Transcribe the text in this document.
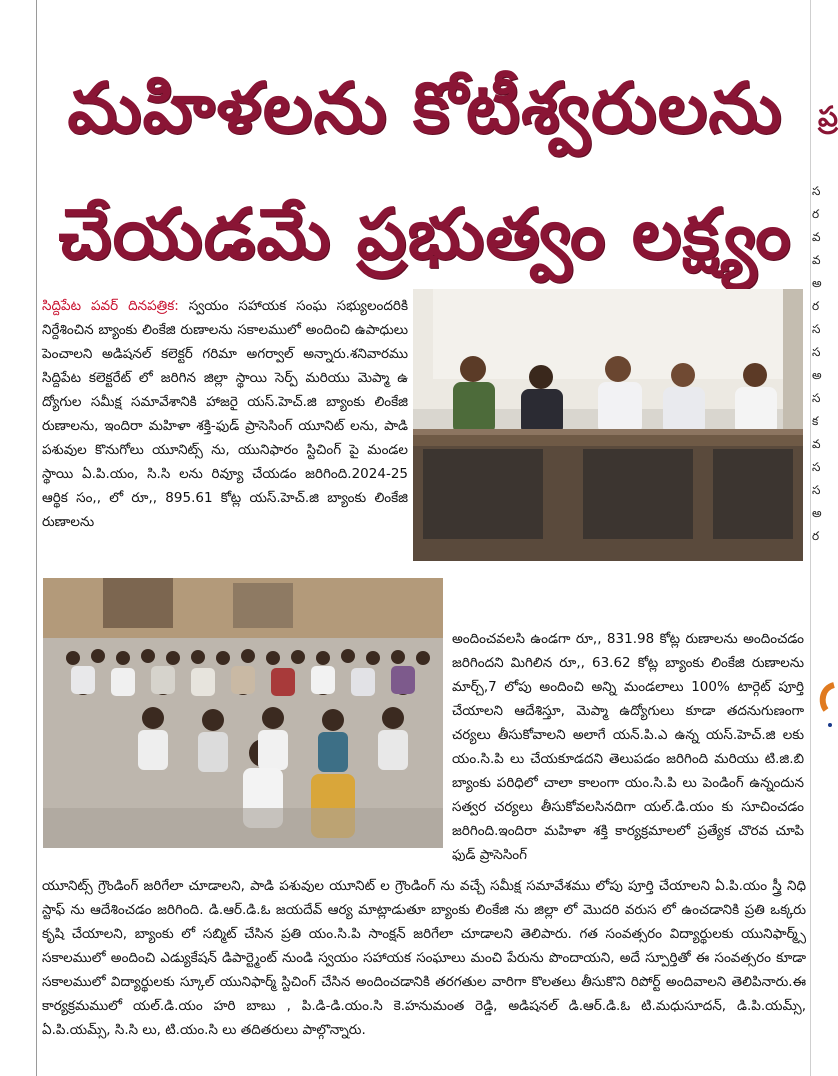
మహిళలను కోటీశ్వరులను
చేయడమే ప్రభుత్వం లక్ష్యం
సిద్దిపేట పవర్ దినపత్రిక: స్వయం సహాయక సంఘ సభ్యులందరికి నిర్దేశించిన బ్యాంకు లింకేజి రుణాలను సకాలములో అందించి ఉపాధులు పెంచాలని అడిషనల్ కలెక్టర్ గరిమా అగర్వాల్ అన్నారు.శనివారము సిద్దిపేట కలెక్టరేట్ లో జరిగిన జిల్లా స్థాయి సెర్ప్ మరియు మెప్మా ఉ ద్యోగుల సమీక్ష సమావేశానికి హాజరై యస్.హెచ్.జి బ్యాంకు లింకేజి రుణాలను, ఇందిరా మహిళా శక్తి-ఫుడ్ ప్రాసెసింగ్ యూనిట్ లను, పాడి పశువుల కొనుగోలు యూనిట్స్ ను, యునిఫారం స్టిచింగ్ పై మండల స్థాయి ఏ.పి.యం, సి.సి లను రివ్యూ చేయడం జరిగింది.2024-25 ఆర్థిక సం,, లో రూ,, 895.61 కోట్ల యస్.హెచ్.జి బ్యాంకు లింకేజి రుణాలను
అందించవలసి ఉండగా రూ,, 831.98 కోట్ల రుణాలను అందించడం జరిగిందని మిగిలిన రూ,, 63.62 కోట్ల బ్యాంకు లింకేజి రుణాలను మార్చ్,7 లోపు అందించి అన్ని మండలాలు 100% టార్గెట్ పూర్తి చేయాలని ఆదేశిస్తూ, మెప్మా ఉద్యోగులు కూడా తదనుగుణంగా చర్యలు తీసుకోవాలని అలాగే యన్.పి.ఎ ఉన్న యస్.హెచ్.జి లకు యం.సి.పి లు చేయకూడదని తెలుపడం జరిగింది మరియు టి.జి.బి బ్యాంకు పరిధిలో చాలా కాలంగా యం.సి.పి లు పెండింగ్ ఉన్నందున సత్వర చర్యలు తీసుకోవలసినదిగా యల్.డి.యం కు సూచించడం జరిగింది.ఇందిరా మహిళా శక్తి కార్యక్రమాలలో ప్రత్యేక చొరవ చూపి ఫుడ్ ప్రాసెసింగ్
యూనిట్స్ గ్రౌండింగ్ జరిగేలా చూడాలని, పాడి పశువుల యూనిట్ ల గ్రౌండింగ్ ను వచ్చే సమీక్ష సమావేశము లోపు పూర్తి చేయాలని ఏ.పి.యం స్త్రీ నిధి స్టాఫ్ ను ఆదేశించడం జరిగింది. డి.ఆర్.డి.ఓ జయదేవ్ ఆర్య మాట్లాడుతూ బ్యాంకు లింకేజి ను జిల్లా లో మొదరి వరుస లో ఉంచడానికి ప్రతి ఒక్కరు కృషి చేయాలని, బ్యాంకు లో సబ్మిట్ చేసిన ప్రతి యం.సి.పి సాంక్షన్ జరిగేలా చూడాలని తెలిపారు. గత సంవత్సరం విద్యార్థులకు యునిఫార్మ్స్ సకాలములో అందించి ఎడ్యుకేషన్ డిపార్ట్మెంట్ నుండి స్వయం సహాయక సంఘాలు మంచి పేరును పొందాయని, అదే స్పూర్తితో ఈ సంవత్సరం కూడా సకాలములో విద్యార్థులకు స్కూల్ యునిఫార్మ్ స్టిచింగ్ చేసిన అందించడానికి తరగతుల వారిగా కొలతలు తీసుకొని రిపోర్ట్ అందివాలని తెలిపినారు.ఈ కార్యక్రమములో యల్.డి.యం హరి బాబు , పి.డి-డి.యం.సి కె.హనుమంత రెడ్డి, అడిషనల్ డి.ఆర్.డి.ఓ టి.మధుసూదన్, డి.పి.యమ్స్, ఏ.పి.యమ్స్, సి.సి లు, టి.యం.సి లు తదితరులు పాల్గొన్నారు.
ప్ర
స
ర
వ
వ
అ
ర
స
స
అ
స
క
వ
స
స
అ
ర
